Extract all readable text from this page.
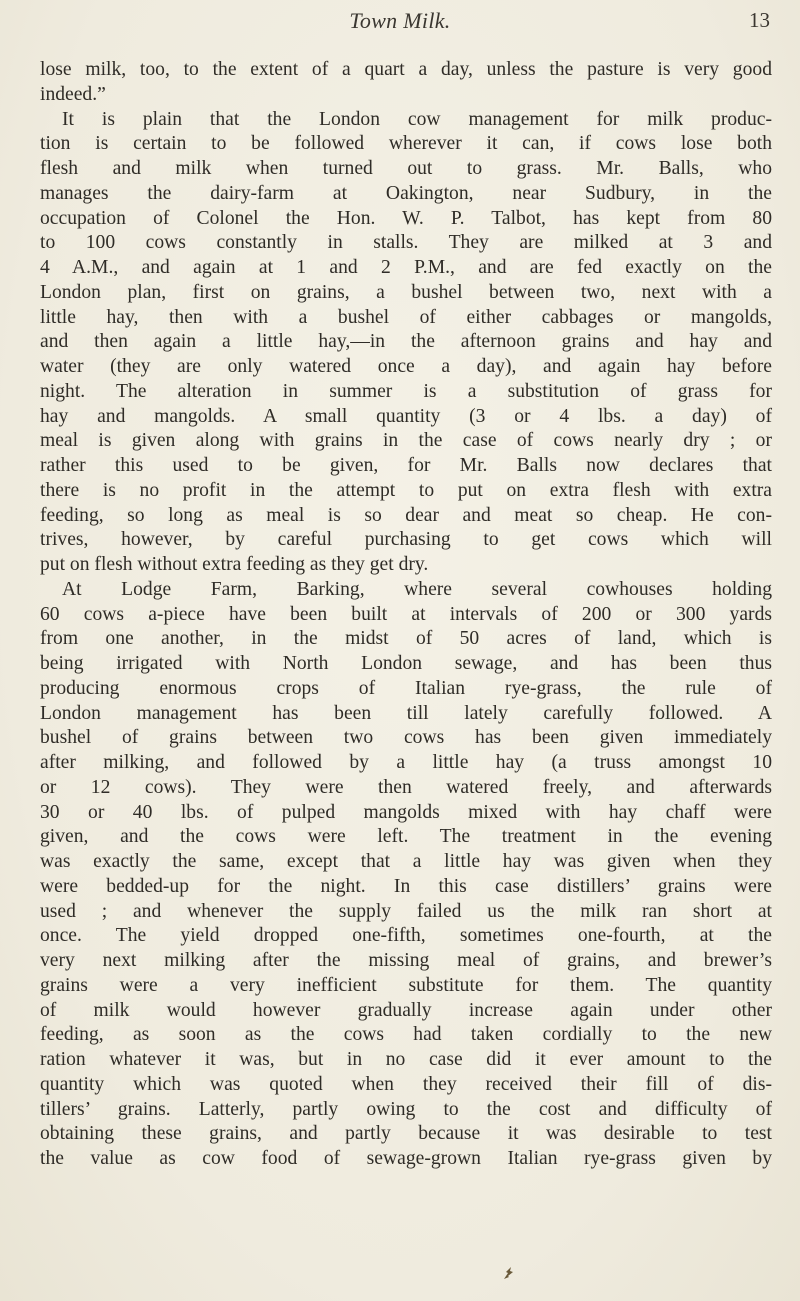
Town Milk.	13
lose milk, too, to the extent of a quart a day, unless the pasture is very good
indeed.”
It is plain that the London cow management for milk produc-
tion is certain to be followed wherever it can, if cows lose both
flesh and milk when turned out to grass. Mr. Balls, who
manages the dairy-farm at Oakington, near Sudbury, in the
occupation of Colonel the Hon. W. P. Talbot, has kept from 80
to 100 cows constantly in stalls. They are milked at 3 and
4 A.M., and again at 1 and 2 P.M., and are fed exactly on the
London plan, first on grains, a bushel between two, next with a
little hay, then with a bushel of either cabbages or mangolds,
and then again a little hay,—in the afternoon grains and hay and
water (they are only watered once a day), and again hay before
night. The alteration in summer is a substitution of grass for
hay and mangolds. A small quantity (3 or 4 lbs. a day) of
meal is given along with grains in the case of cows nearly dry ; or
rather this used to be given, for Mr. Balls now declares that
there is no profit in the attempt to put on extra flesh with extra
feeding, so long as meal is so dear and meat so cheap. He con-
trives, however, by careful purchasing to get cows which will
put on flesh without extra feeding as they get dry.
At Lodge Farm, Barking, where several cowhouses holding
60 cows a-piece have been built at intervals of 200 or 300 yards
from one another, in the midst of 50 acres of land, which is
being irrigated with North London sewage, and has been thus
producing enormous crops of Italian rye-grass, the rule of
London management has been till lately carefully followed. A
bushel of grains between two cows has been given immediately
after milking, and followed by a little hay (a truss amongst 10
or 12 cows). They were then watered freely, and afterwards
30 or 40 lbs. of pulped mangolds mixed with hay chaff were
given, and the cows were left. The treatment in the evening
was exactly the same, except that a little hay was given when they
were bedded-up for the night. In this case distillers’ grains were
used ; and whenever the supply failed us the milk ran short at
once. The yield dropped one-fifth, sometimes one-fourth, at the
very next milking after the missing meal of grains, and brewer’s
grains were a very inefficient substitute for them. The quantity
of milk would however gradually increase again under other
feeding, as soon as the cows had taken cordially to the new
ration whatever it was, but in no case did it ever amount to the
quantity which was quoted when they received their fill of dis-
tillers’ grains. Latterly, partly owing to the cost and difficulty of
obtaining these grains, and partly because it was desirable to test
the value as cow food of sewage-grown Italian rye-grass given by
